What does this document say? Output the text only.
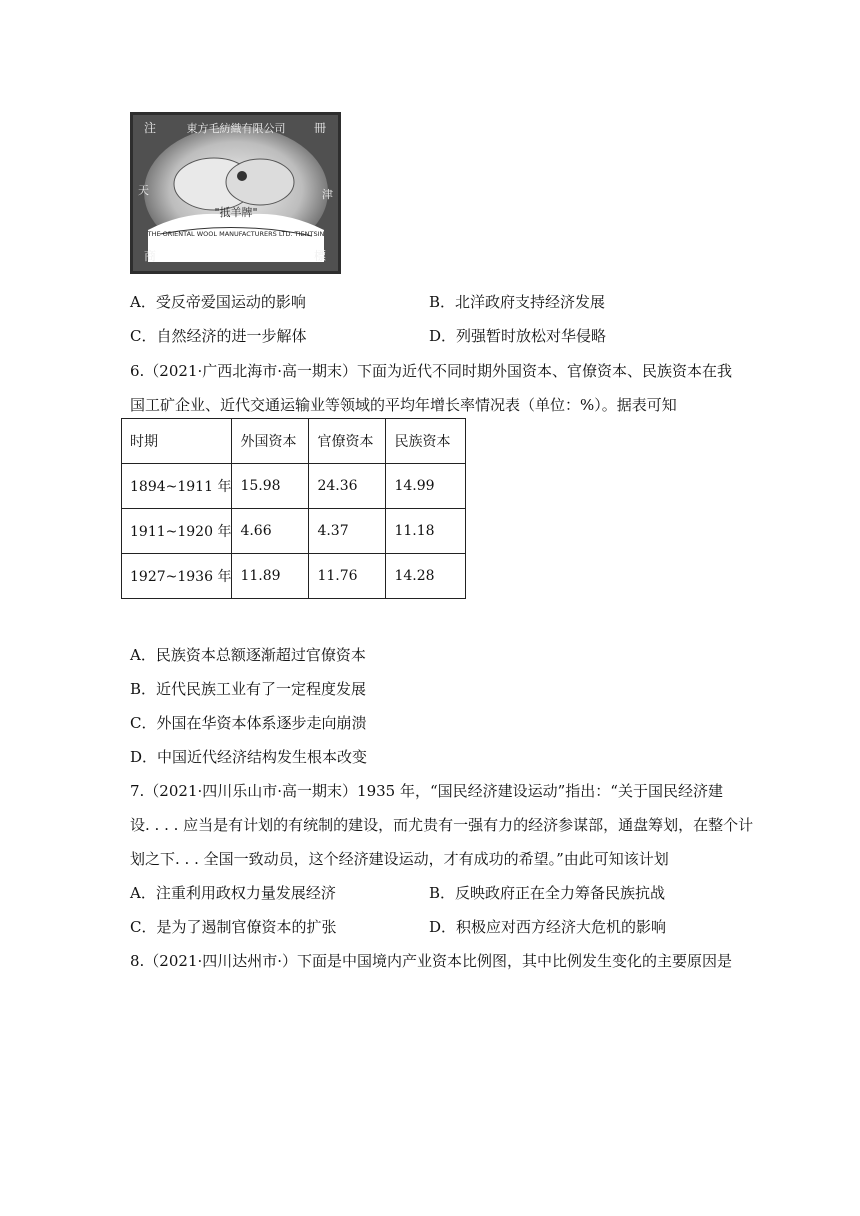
東方毛紡織有限公司
注	冊
天	津
"抵羊牌"
THE ORIENTAL WOOL MANUFACTURERS LTD. TIENTSIN
商	標
A．受反帝爱国运动的影响	B．北洋政府支持经济发展
C．自然经济的进一步解体	D．列强暂时放松对华侵略
6.（2021·广西北海市·高一期末）下面为近代不同时期外国资本、官僚资本、民族资本在我
国工矿企业、近代交通运输业等领域的平均年增长率情况表（单位：%）。据表可知
时期	外国资本	官僚资本	民族资本
1894~1911 年	15.98	24.36	14.99
1911~1920 年	4.66	4.37	11.18
1927~1936 年	11.89	11.76	14.28
A．民族资本总额逐渐超过官僚资本
B．近代民族工业有了一定程度发展
C．外国在华资本体系逐步走向崩溃
D．中国近代经济结构发生根本改变
7.（2021·四川乐山市·高一期末）1935 年，“国民经济建设运动”指出：“关于国民经济建
设. . . . 应当是有计划的有统制的建设，而尤贵有一强有力的经济参谋部，通盘筹划，在整个计
划之下. . . 全国一致动员，这个经济建设运动，才有成功的希望。”由此可知该计划
A．注重利用政权力量发展经济	B．反映政府正在全力筹备民族抗战
C．是为了遏制官僚资本的扩张	D．积极应对西方经济大危机的影响
8.（2021·四川达州市·）下面是中国境内产业资本比例图，其中比例发生变化的主要原因是
